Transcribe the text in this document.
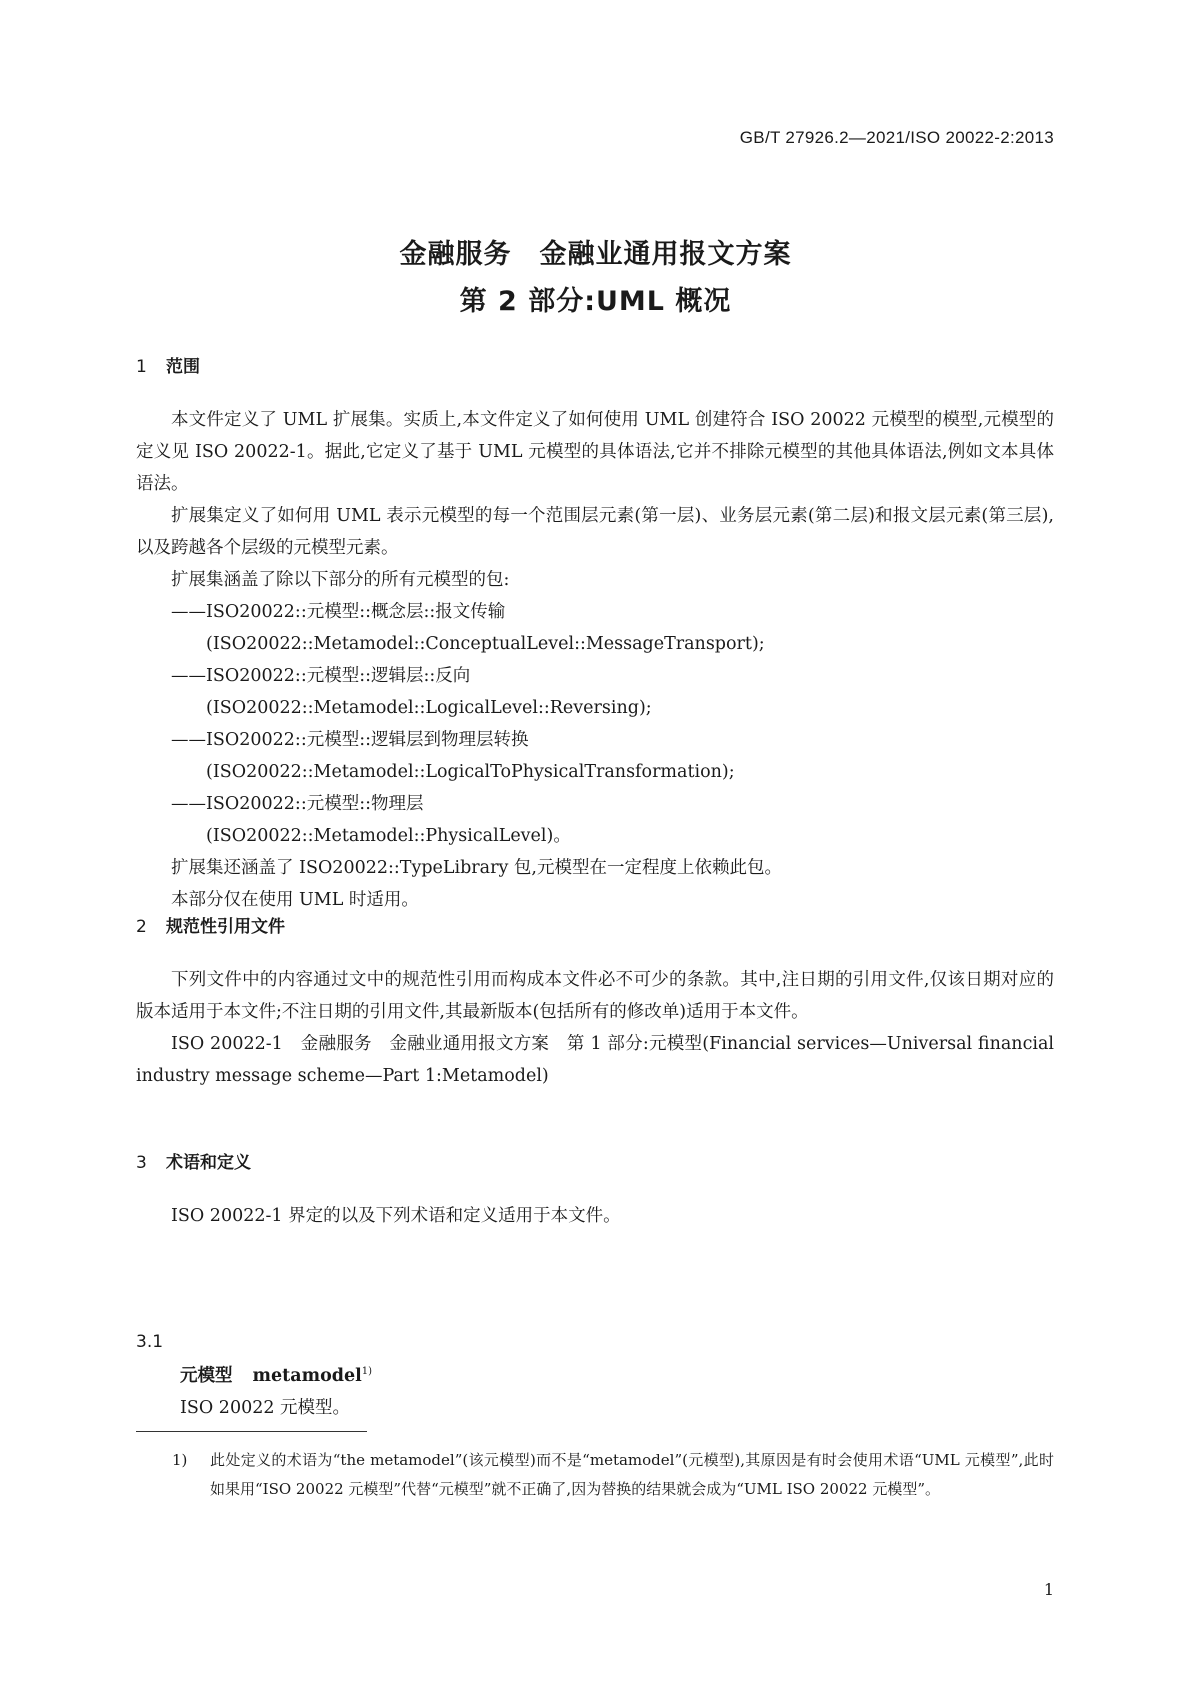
GB/T 27926.2—2021/ISO 20022-2:2013
金融服务　金融业通用报文方案
第 2 部分:UML 概况
1 范围

本文件定义了 UML 扩展集。实质上,本文件定义了如何使用 UML 创建符合 ISO 20022 元模型的模型,元模型的定义见 ISO 20022-1。据此,它定义了基于 UML 元模型的具体语法,它并不排除元模型的其他具体语法,例如文本具体语法。

扩展集定义了如何用 UML 表示元模型的每一个范围层元素(第一层)、业务层元素(第二层)和报文层元素(第三层),以及跨越各个层级的元模型元素。

扩展集涵盖了除以下部分的所有元模型的包:

——ISO20022::元模型::概念层::报文传输

(ISO20022::Metamodel::ConceptualLevel::MessageTransport);

——ISO20022::元模型::逻辑层::反向

(ISO20022::Metamodel::LogicalLevel::Reversing);

——ISO20022::元模型::逻辑层到物理层转换

(ISO20022::Metamodel::LogicalToPhysicalTransformation);

——ISO20022::元模型::物理层

(ISO20022::Metamodel::PhysicalLevel)。

扩展集还涵盖了 ISO20022::TypeLibrary 包,元模型在一定程度上依赖此包。

本部分仅在使用 UML 时适用。

2 规范性引用文件

下列文件中的内容通过文中的规范性引用而构成本文件必不可少的条款。其中,注日期的引用文件,仅该日期对应的版本适用于本文件;不注日期的引用文件,其最新版本(包括所有的修改单)适用于本文件。

ISO 20022-1　金融服务　金融业通用报文方案　第 1 部分:元模型(Financial services—Universal financial industry message scheme—Part 1:Metamodel)

3 术语和定义

ISO 20022-1 界定的以及下列术语和定义适用于本文件。

3.1
元模型 metamodel$^{1)}$
ISO 20022 元模型。
1) 此处定义的术语为“the metamodel”(该元模型)而不是“metamodel”(元模型),其原因是有时会使用术语“UML 元模型”,此时如果用“ISO 20022 元模型”代替“元模型”就不正确了,因为替换的结果就会成为“UML ISO 20022 元模型”。
1
